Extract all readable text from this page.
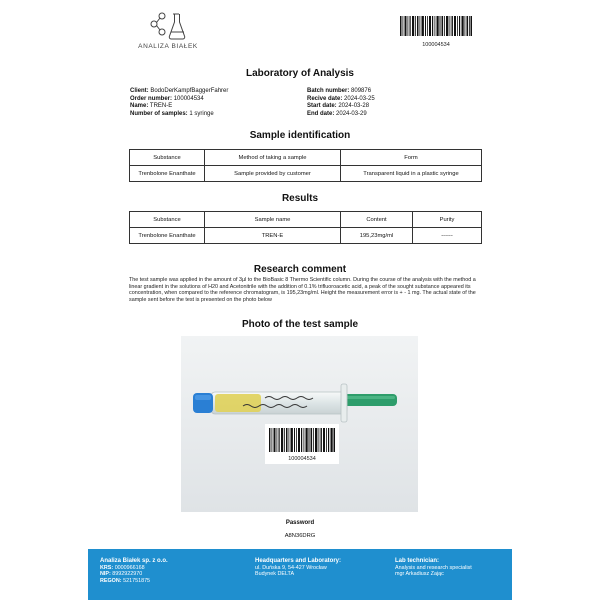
ANALIZA BIAŁEK	100004534
Laboratory of Analysis
Client: BodoDerKampfBaggerFahrer
Order number: 100004534
Name: TREN-E
Number of samples: 1 syringe
Batch number: 809876
Recive date: 2024-03-25
Start date: 2024-03-28
End date: 2024-03-29
Sample identification
Substance	Method of taking a sample	Form
Trenbolone Enanthate	Sample provided by customer	Transparent liquid in a plastic syringe
Results
Substance	Sample name	Content	Purity
Trenbolone Enanthate	TREN-E	195,23mg/ml	------
Research comment
The test sample was applied in the amount of 3µl to the BioBasic 8 Thermo Scientific column. During the course of the analysis with the method a linear gradient in the solutions of H20 and Acetonitrile with the addition of 0.1% trifluoroacetic acid, a peak of the sought substance appeared its concentration, when compared to the reference chromatogram, is 195,23mg/ml. Height the measurement error is + - 1 mg. The actual state of the sample sent before the test is presented on the photo below
Photo of the test sample
100004534
Password
A8N36DRG
Analiza Białek sp. z o.o.
KRS: 0000966168
NIP: 8992922970
REGON: 521751875
Headquarters and Laboratory:
ul. Duńska 9, 54-427 Wrocław
Budynek DELTA
Lab technician:
Analysis and research specialist
mgr Arkadiusz Zając
